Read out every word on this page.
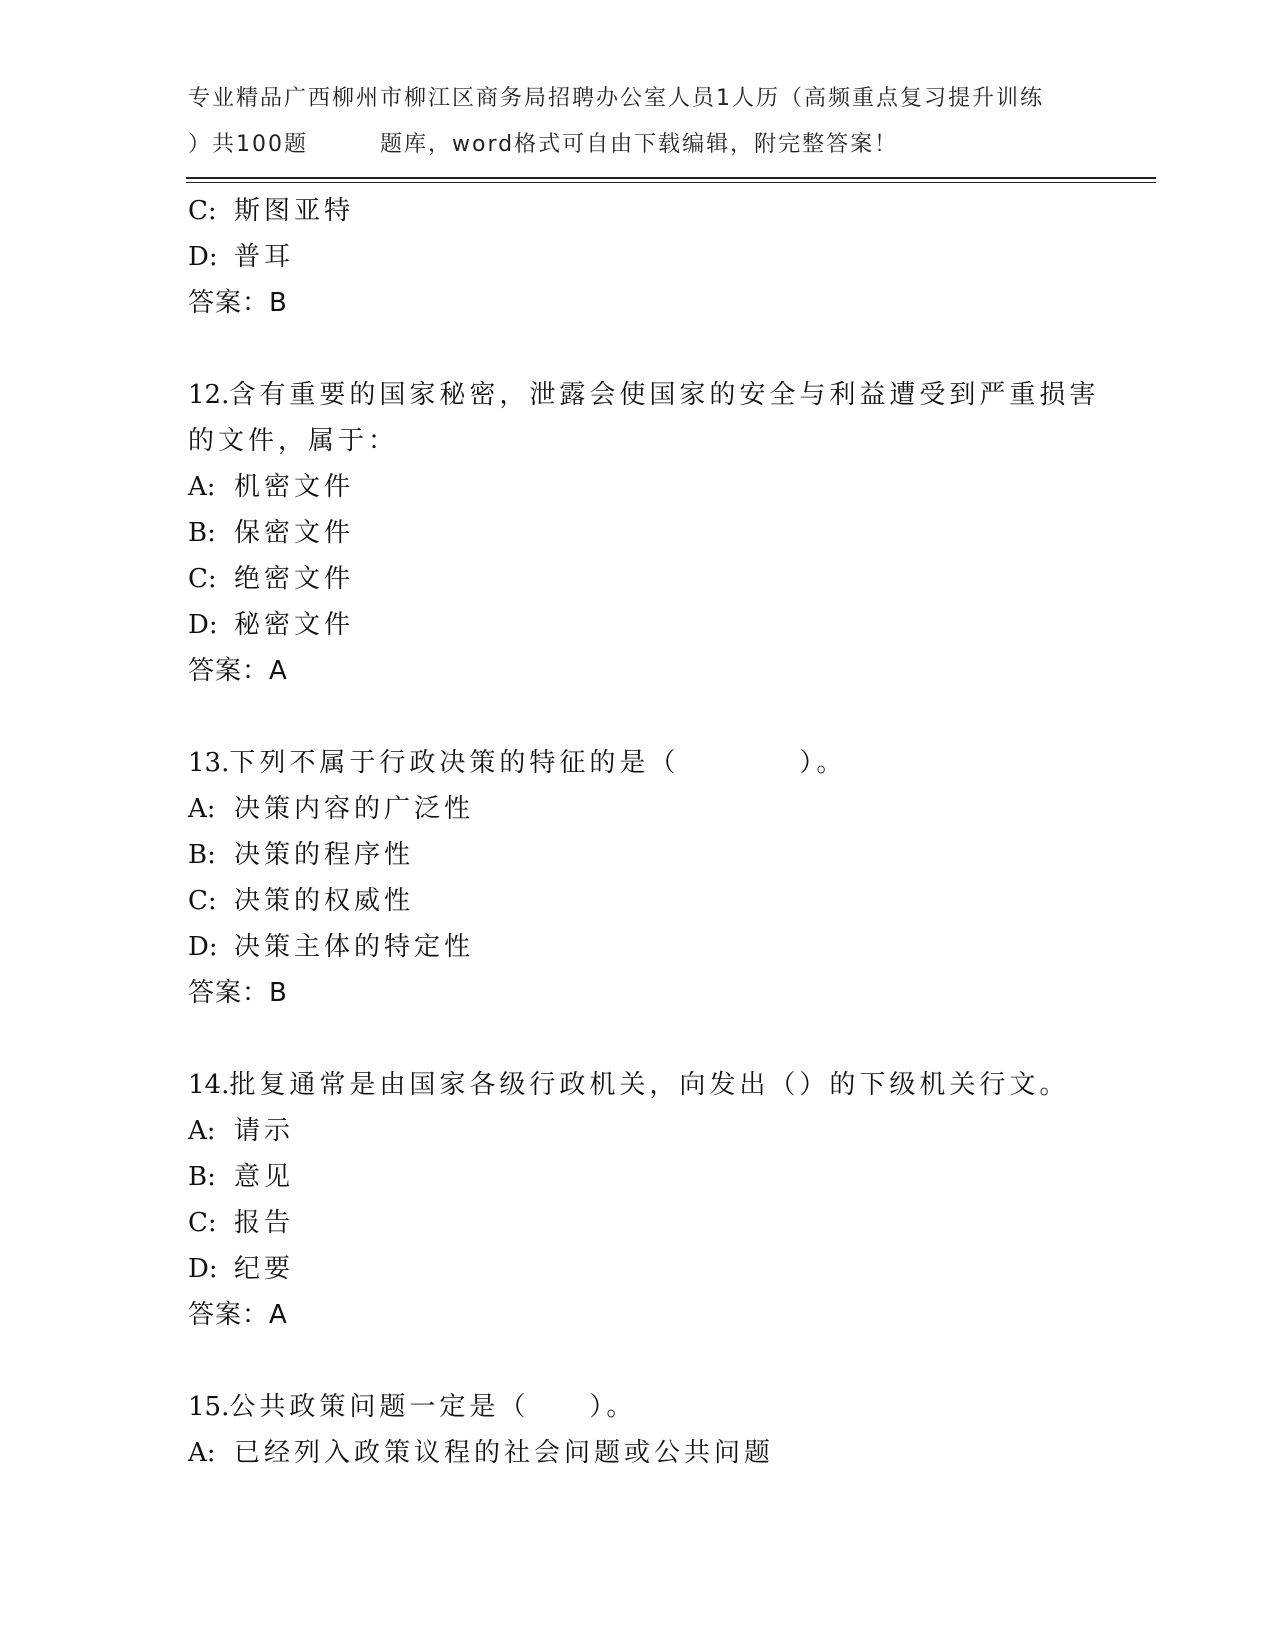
专业精品广西柳州市柳江区商务局招聘办公室人员1人历（高频重点复习提升训练
）共100题	题库，word格式可自由下载编辑，附完整答案！
C: 斯图亚特
D: 普耳
答案：B
12.含有重要的国家秘密，泄露会使国家的安全与利益遭受到严重损害
的文件，属于：
A: 机密文件
B: 保密文件
C: 绝密文件
D: 秘密文件
答案：A
13.下列不属于行政决策的特征的是（　　　　）。
A: 决策内容的广泛性
B: 决策的程序性
C: 决策的权威性
D: 决策主体的特定性
答案：B
14.批复通常是由国家各级行政机关，向发出（）的下级机关行文。
A: 请示
B: 意见
C: 报告
D: 纪要
答案：A
15.公共政策问题一定是（　　）。
A: 已经列入政策议程的社会问题或公共问题
